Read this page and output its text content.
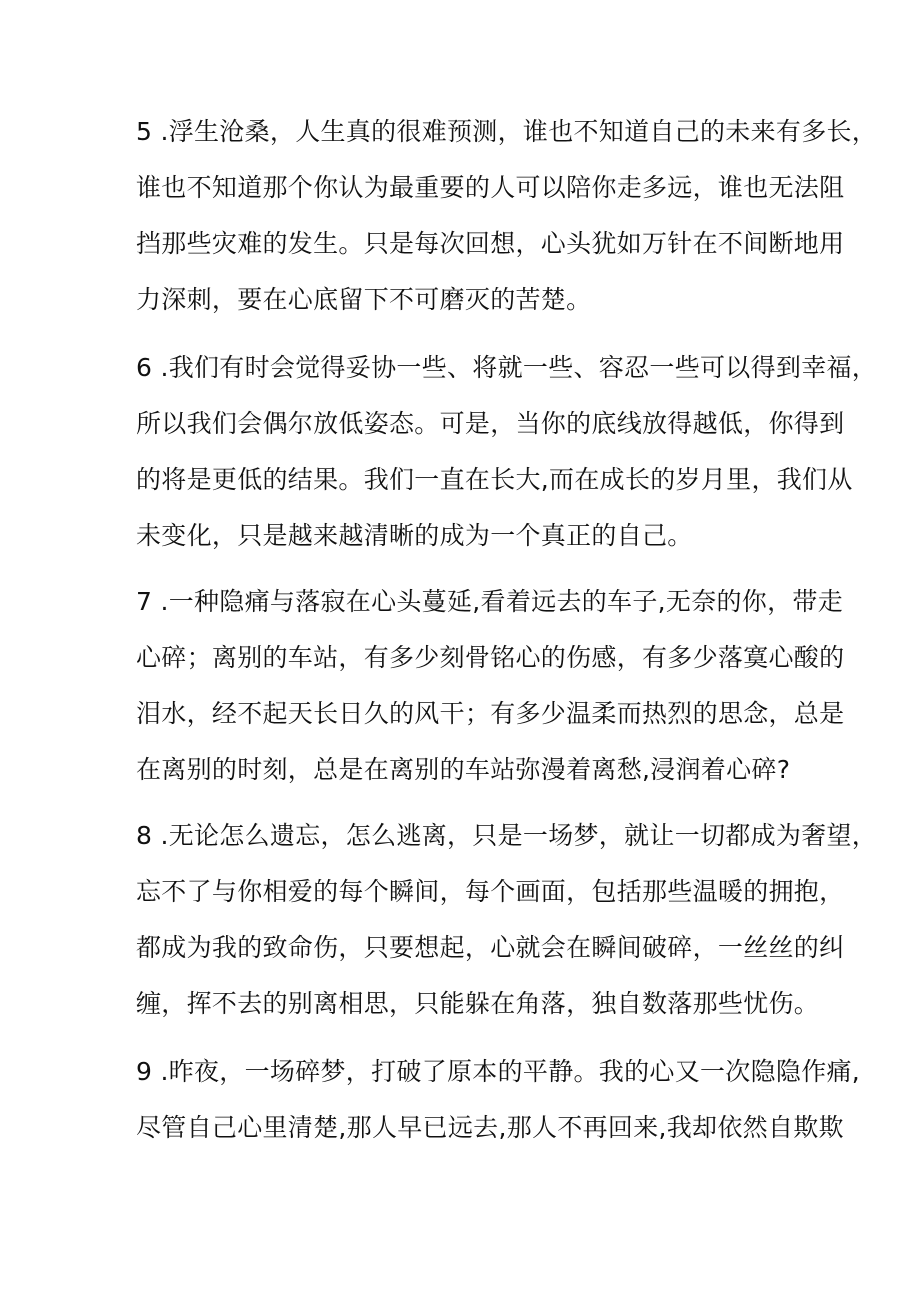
5 .浮生沧桑，人生真的很难预测，谁也不知道自己的未来有多长，
谁也不知道那个你认为最重要的人可以陪你走多远，谁也无法阻
挡那些灾难的发生。只是每次回想，心头犹如万针在不间断地用
力深刺，要在心底留下不可磨灭的苦楚。
6 .我们有时会觉得妥协一些、将就一些、容忍一些可以得到幸福，
所以我们会偶尔放低姿态。可是，当你的底线放得越低，你得到
的将是更低的结果。我们一直在长大,而在成长的岁月里，我们从
未变化，只是越来越清晰的成为一个真正的自己。
7 .一种隐痛与落寂在心头蔓延,看着远去的车子,无奈的你，带走
心碎；离别的车站，有多少刻骨铭心的伤感，有多少落寞心酸的
泪水，经不起天长日久的风干；有多少温柔而热烈的思念，总是
在离别的时刻，总是在离别的车站弥漫着离愁,浸润着心碎?
8 .无论怎么遗忘，怎么逃离，只是一场梦，就让一切都成为奢望，
忘不了与你相爱的每个瞬间，每个画面，包括那些温暖的拥抱，
都成为我的致命伤，只要想起，心就会在瞬间破碎，一丝丝的纠
缠，挥不去的别离相思，只能躲在角落，独自数落那些忧伤。
9 .昨夜，一场碎梦，打破了原本的平静。我的心又一次隐隐作痛,
尽管自己心里清楚,那人早已远去,那人不再回来,我却依然自欺欺
